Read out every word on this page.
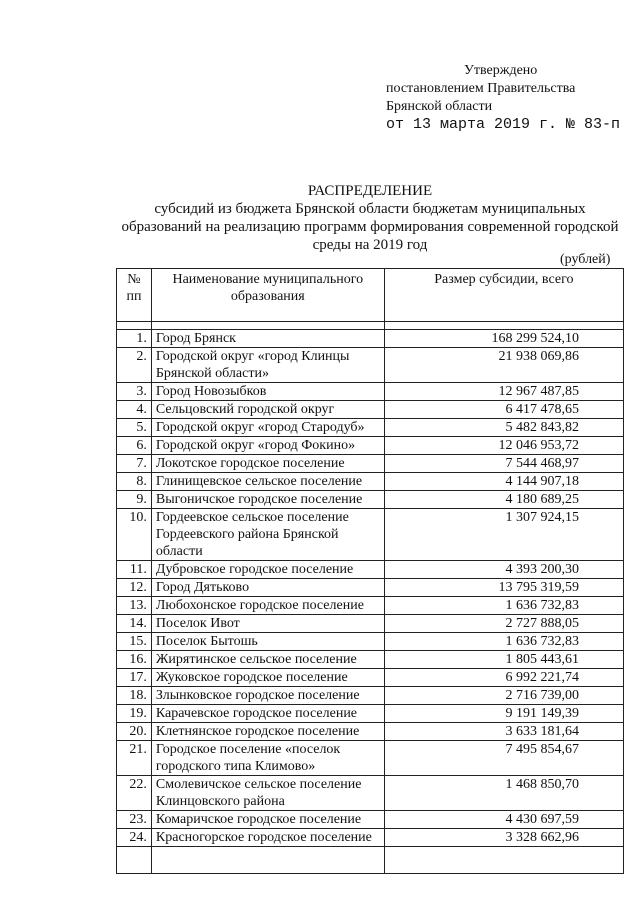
Утверждено
постановлением Правительства
Брянской области
от 13 марта 2019 г. № 83-п
РАСПРЕДЕЛЕНИЕ
субсидий из бюджета Брянской области бюджетам муниципальных образований на реализацию программ формирования современной городской среды на 2019 год
(рублей)
№ пп	Наименование муниципального образования	Размер субсидии, всего

1.	Город Брянск	168 299 524,10
2.	Городской округ «город Клинцы Брянской области»	21 938 069,86
3.	Город Новозыбков	12 967 487,85
4.	Сельцовский городской округ	6 417 478,65
5.	Городской округ «город Стародуб»	5 482 843,82
6.	Городской округ «город Фокино»	12 046 953,72
7.	Локотское городское поселение	7 544 468,97
8.	Глинищевское сельское поселение	4 144 907,18
9.	Выгоничское городское поселение	4 180 689,25
10.	Гордеевское сельское поселение Гордеевского района Брянской области	1 307 924,15
11.	Дубровское городское поселение	4 393 200,30
12.	Город Дятьково	13 795 319,59
13.	Любохонское городское поселение	1 636 732,83
14.	Поселок Ивот	2 727 888,05
15.	Поселок Бытошь	1 636 732,83
16.	Жирятинское сельское поселение	1 805 443,61
17.	Жуковское городское поселение	6 992 221,74
18.	Злынковское городское поселение	2 716 739,00
19.	Карачевское городское поселение	9 191 149,39
20.	Клетнянское городское поселение	3 633 181,64
21.	Городское поселение «поселок городского типа Климово»	7 495 854,67
22.	Смолевичское сельское поселение Клинцовского района	1 468 850,70
23.	Комаричское городское поселение	4 430 697,59
24.	Красногорское городское поселение	3 328 662,96
